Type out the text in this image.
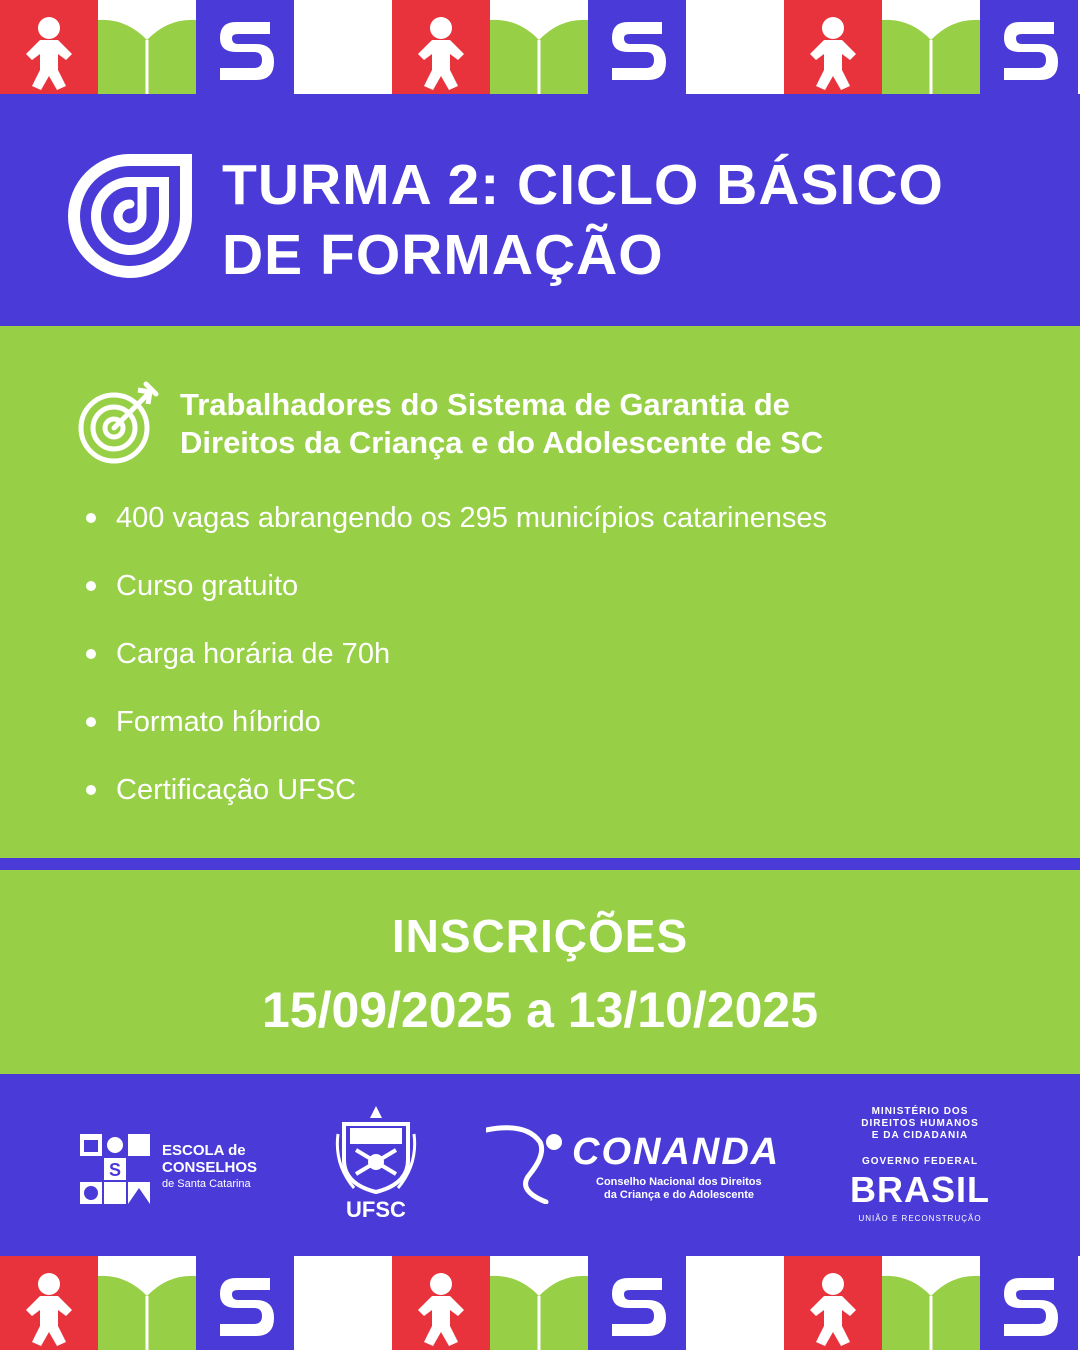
TURMA 2: CICLO BÁSICO
DE FORMAÇÃO
Trabalhadores do Sistema de Garantia de
Direitos da Criança e do Adolescente de SC
400 vagas abrangendo os 295 municípios catarinenses
Curso gratuito
Carga horária de 70h
Formato híbrido
Certificação UFSC
INSCRIÇÕES
15/09/2025 a 13/10/2025
S
ESCOLA de
CONSELHOS
de Santa Catarina
UFSC
CONANDA
Conselho Nacional dos Direitos
da Criança e do Adolescente
MINISTÉRIO DOS
DIREITOS HUMANOS
E DA CIDADANIA
GOVERNO FEDERAL
BRASIL
UNIÃO E RECONSTRUÇÃO
